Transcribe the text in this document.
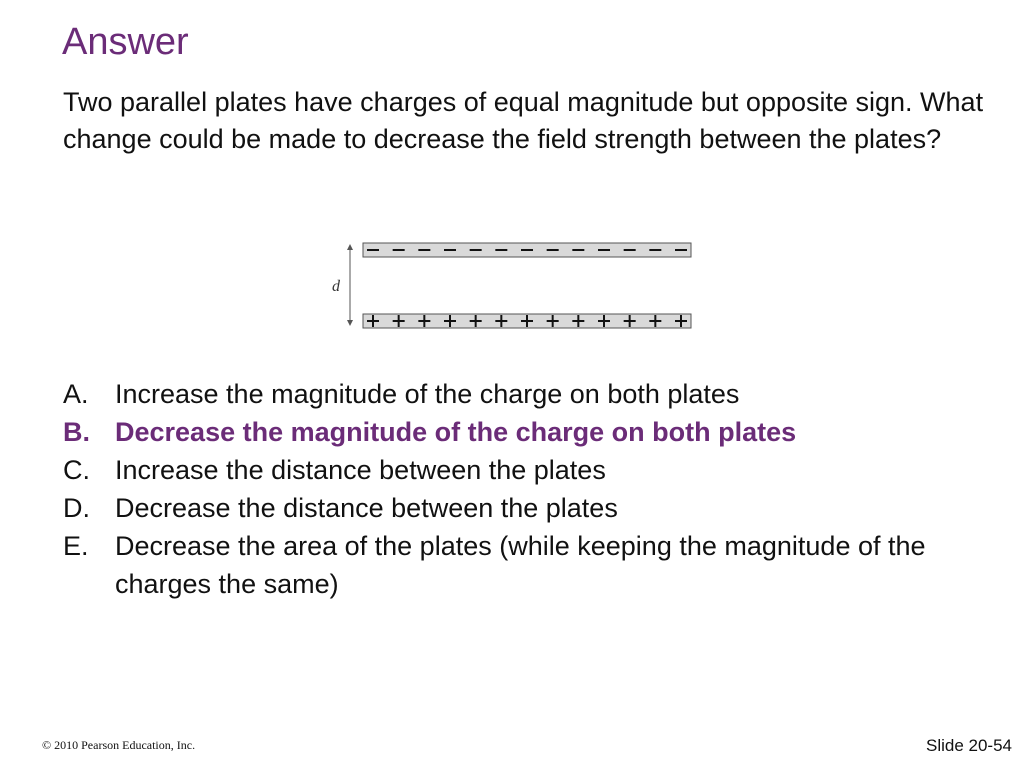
Answer
Two parallel plates have charges of equal magnitude but opposite sign. What change could be made to decrease the field strength between the plates?
d
A. Increase the magnitude of the charge on both plates
B. Decrease the magnitude of the charge on both plates
C. Increase the distance between the plates
D. Decrease the distance between the plates
E. Decrease the area of the plates (while keeping the magnitude of the charges the same)
© 2010 Pearson Education, Inc.	Slide 20-54
